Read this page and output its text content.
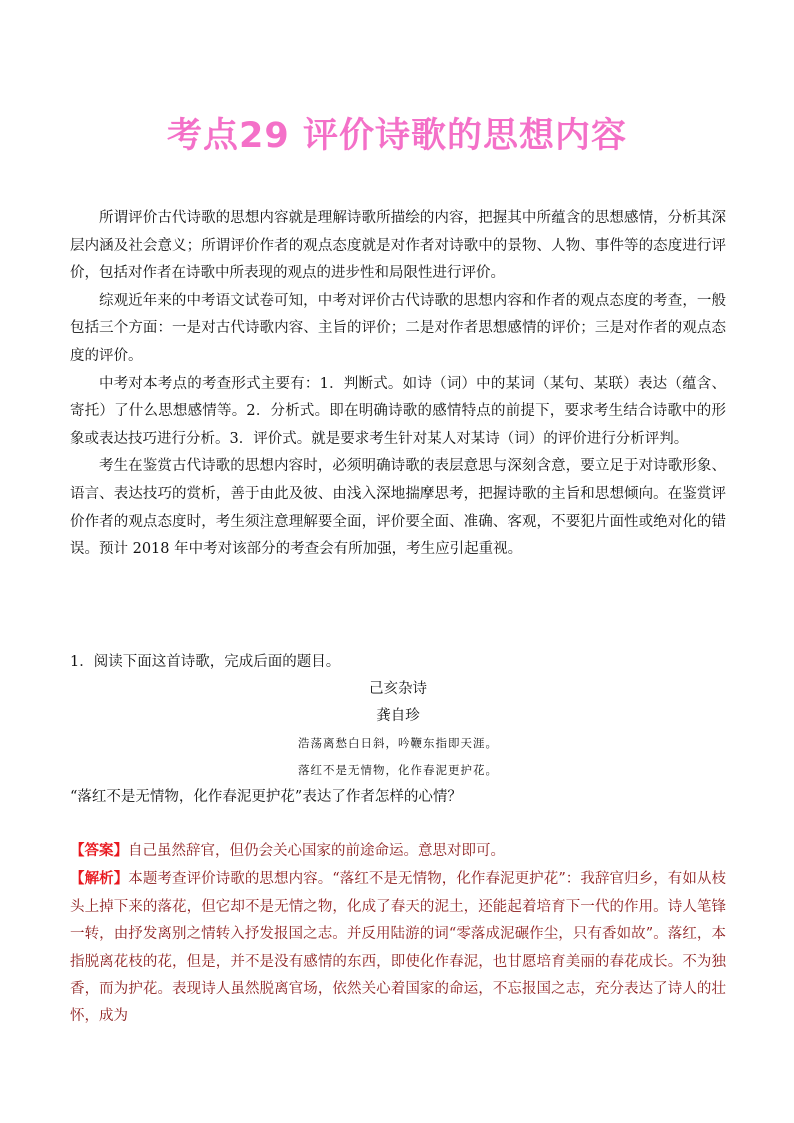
考点29 评价诗歌的思想内容

所谓评价古代诗歌的思想内容就是理解诗歌所描绘的内容，把握其中所蕴含的思想感情，分析其深层内涵及社会意义；所谓评价作者的观点态度就是对作者对诗歌中的景物、人物、事件等的态度进行评价，包括对作者在诗歌中所表现的观点的进步性和局限性进行评价。

综观近年来的中考语文试卷可知，中考对评价古代诗歌的思想内容和作者的观点态度的考查，一般包括三个方面：一是对古代诗歌内容、主旨的评价；二是对作者思想感情的评价；三是对作者的观点态度的评价。

中考对本考点的考查形式主要有：1．判断式。如诗（词）中的某词（某句、某联）表达（蕴含、寄托）了什么思想感情等。2．分析式。即在明确诗歌的感情特点的前提下，要求考生结合诗歌中的形象或表达技巧进行分析。3．评价式。就是要求考生针对某人对某诗（词）的评价进行分析评判。

考生在鉴赏古代诗歌的思想内容时，必须明确诗歌的表层意思与深刻含意，要立足于对诗歌形象、语言、表达技巧的赏析，善于由此及彼、由浅入深地揣摩思考，把握诗歌的主旨和思想倾向。在鉴赏评价作者的观点态度时，考生须注意理解要全面，评价要全面、准确、客观，不要犯片面性或绝对化的错误。预计 2018 年中考对该部分的考查会有所加强，考生应引起重视。

1．阅读下面这首诗歌，完成后面的题目。

己亥杂诗

龚自珍

浩荡离愁白日斜，吟鞭东指即天涯。

落红不是无情物，化作春泥更护花。

“落红不是无情物，化作春泥更护花”表达了作者怎样的心情？

【答案】自己虽然辞官，但仍会关心国家的前途命运。意思对即可。

【解析】本题考查评价诗歌的思想内容。“落红不是无情物，化作春泥更护花”：我辞官归乡，有如从枝头上掉下来的落花，但它却不是无情之物，化成了春天的泥土，还能起着培育下一代的作用。诗人笔锋一转，由抒发离别之情转入抒发报国之志。并反用陆游的词“零落成泥碾作尘，只有香如故”。落红，本指脱离花枝的花，但是，并不是没有感情的东西，即使化作春泥，也甘愿培育美丽的春花成长。不为独香，而为护花。表现诗人虽然脱离官场，依然关心着国家的命运，不忘报国之志，充分表达了诗人的壮怀，成为
